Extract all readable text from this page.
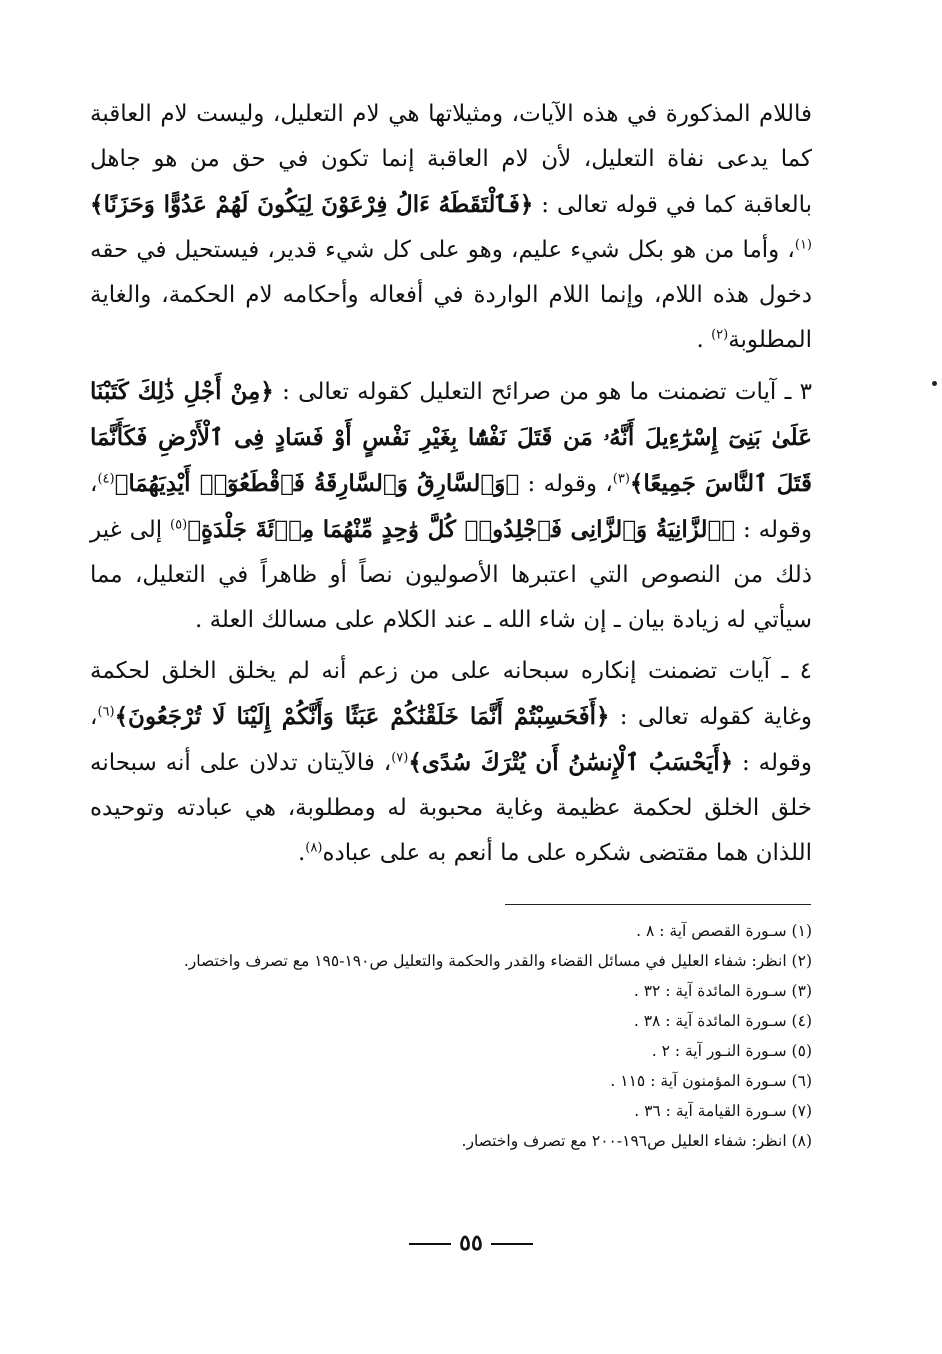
فاللام المذكورة في هذه الآيات، ومثيلاتها هي لام التعليل، وليست لام العاقبة كما يدعى نفاة التعليل، لأن لام العاقبة إنما تكون في حق من هو جاهل بالعاقبة كما في قوله تعالى : ﴿فَٱلْتَقَطَهُ ءَالُ فِرْعَوْنَ لِيَكُونَ لَهُمْ عَدُوًّا وَحَزَنًا﴾$^{(١)}$، وأما من هو بكل شيء عليم، وهو على كل شيء قدير، فيستحيل في حقه دخول هذه اللام، وإنما اللام الواردة في أفعاله وأحكامه لام الحكمة، والغاية المطلوبة$^{(٢)}$ .

٣ ـ آيات تضمنت ما هو من صرائح التعليل كقوله تعالى : ﴿مِنْ أَجْلِ ذَٰلِكَ كَتَبْنَا عَلَىٰ بَنِىٓ إِسْرَٰٓءِيلَ أَنَّهُۥ مَن قَتَلَ نَفْسًۢا بِغَيْرِ نَفْسٍ أَوْ فَسَادٍ فِى ٱلْأَرْضِ فَكَأَنَّمَا قَتَلَ ٱلنَّاسَ جَمِيعًا﴾$^{(٣)}$، وقوله : ﴿وَٱلسَّارِقُ وَٱلسَّارِقَةُ فَٱقْطَعُوٓا۟ أَيْدِيَهُمَا﴾$^{(٤)}$، وقوله : ﴿ٱلزَّانِيَةُ وَٱلزَّانِى فَٱجْلِدُوا۟ كُلَّ وَٰحِدٍ مِّنْهُمَا مِا۟ئَةَ جَلْدَةٍ﴾$^{(٥)}$ إلى غير ذلك من النصوص التي اعتبرها الأصوليون نصاً أو ظاهراً في التعليل، مما سيأتي له زيادة بيان ـ إن شاء الله ـ عند الكلام على مسالك العلة .

٤ ـ آيات تضمنت إنكاره سبحانه على من زعم أنه لم يخلق الخلق لحكمة وغاية كقوله تعالى : ﴿أَفَحَسِبْتُمْ أَنَّمَا خَلَقْنَٰكُمْ عَبَثًا وَأَنَّكُمْ إِلَيْنَا لَا تُرْجَعُونَ﴾$^{(٦)}$، وقوله : ﴿أَيَحْسَبُ ٱلْإِنسَٰنُ أَن يُتْرَكَ سُدًى﴾$^{(٧)}$، فالآيتان تدلان على أنه سبحانه خلق الخلق لحكمة عظيمة وغاية محبوبة له ومطلوبة، هي عبادته وتوحيده اللذان هما مقتضى شكره على ما أنعم به على عباده$^{(٨)}$.

(١) سـورة القصص آية : ٨ .

(٢) انظر: شفاء العليل في مسائل القضاء والقدر والحكمة والتعليل ص١٩٠-١٩٥ مع تصرف واختصار.

(٣) سـورة المائدة آية : ٣٢ .

(٤) سـورة المائدة آية : ٣٨ .

(٥) سـورة النـور آية : ٢ .

(٦) سـورة المؤمنون آية : ١١٥ .

(٧) سـورة القيامة آية : ٣٦ .

(٨) انظر: شفاء العليل ص١٩٦-٢٠٠ مع تصرف واختصار.

٥٥
